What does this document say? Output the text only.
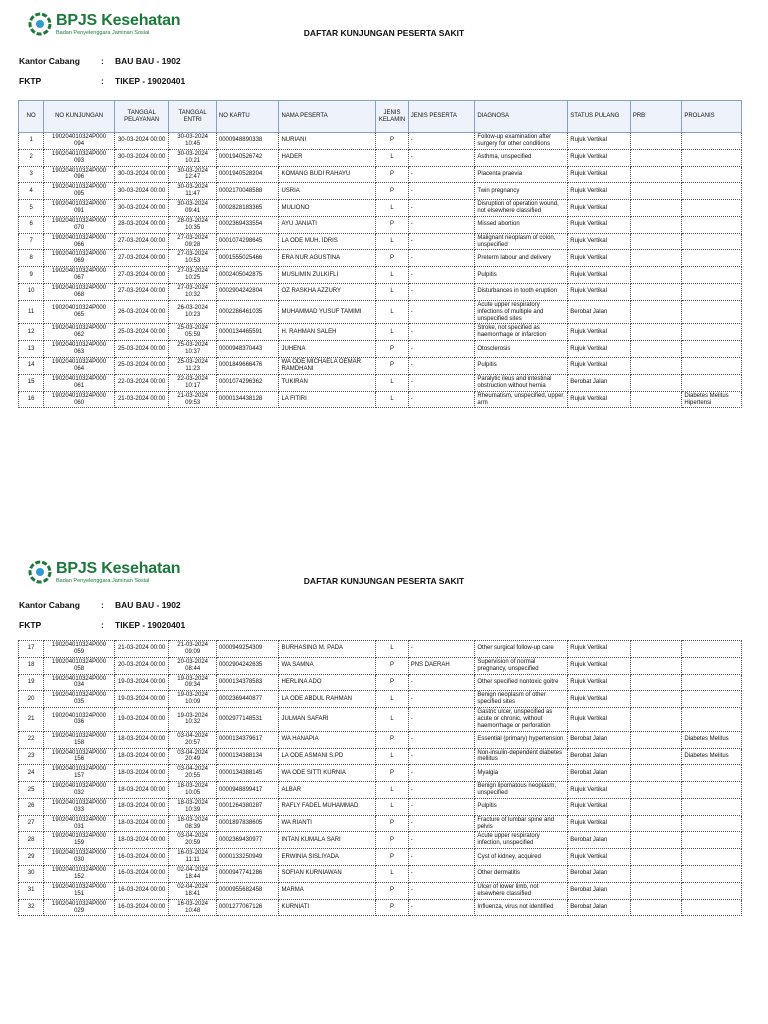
BPJS Kesehatan
Badan Penyelenggara Jaminan Sosial	DAFTAR KUNJUNGAN PESERTA SAKIT
Kantor Cabang : BAU BAU - 1902
FKTP	: TIKEP - 19020401
NO	NO KUNJUNGAN	TANGGAL PELAYANAN	TANGGAL ENTRI	NO KARTU	NAMA PESERTA	JENIS KELAMIN	JENIS PESERTA	DIAGNOSA	STATUS PULANG	PRB	PROLANIS
1	190204010324P000 094	30-03-2024 00:00	30-03-2024 10:45	0000948890338	NURIANI	P	-	Follow-up examination after surgery for other conditions	Rujuk Vertikal		
2	190204010324P000 093	30-03-2024 00:00	30-03-2024 10:21	0001940526742	HADER	L	-	Asthma, unspecified	Rujuk Vertikal		
3	190204010324P000 096	30-03-2024 00:00	30-03-2024 12:47	0001940528204	KOMANG BUDI RAHAYU	P	-	Placenta praevia	Rujuk Vertikal		
4	190204010324P000 095	30-03-2024 00:00	30-03-2024 11:47	0002170048588	USRIA	P	-	Twin pregnancy	Rujuk Vertikal		
5	190204010324P000 091	30-03-2024 00:00	30-03-2024 09:41	0002828183365	MULIONO	L	-	Disruption of operation wound, not elsewhere classified	Rujuk Vertikal		
6	190204010324P000 070	28-03-2024 00:00	28-03-2024 10:35	0002369433554	AYU JANIATI	P	-	Missed abortion	Rujuk Vertikal		
7	190204010324P000 066	27-03-2024 00:00	27-03-2024 09:28	0001074298645	LA ODE MUH. IDRIS	L	-	Malignant neoplasm of colon, unspecified	Rujuk Vertikal		
8	190204010324P000 069	27-03-2024 00:00	27-03-2024 10:53	0001555025466	ERA NUR AGUSTINA	P	-	Preterm labour and delivery	Rujuk Vertikal		
9	190204010324P000 067	27-03-2024 00:00	27-03-2024 10:25	0002405042875	MUSLIMIN ZULKIFLI	L	-	Pulpitis	Rujuk Vertikal		
10	190204010324P000 068	27-03-2024 00:00	27-03-2024 10:32	0002904242804	OZ RASKHA AZZURY	L	-	Disturbances in tooth eruption	Rujuk Vertikal		
11	190204010324P000 065	26-03-2024 00:00	26-03-2024 10:23	0002286461035	MUHAMMAD YUSUF TAMIMI	L	-	Acute upper respiratory infections of multiple and unspecified sites	Berobat Jalan		
12	190204010324P000 062	25-03-2024 00:00	25-03-2024 05:59	0000134465591	H. RAHMAN SALEH	L	-	Stroke, not specified as haemorrhage or infarction	Rujuk Vertikal		
13	190204010324P000 063	25-03-2024 00:00	25-03-2024 10:37	0000948370443	JUHENA	P	-	Otosclerosis	Rujuk Vertikal		
14	190204010324P000 064	25-03-2024 00:00	25-03-2024 11:23	0001849666476	WA ODE MICHAELA OEMAR RAMDHANI	P	-	Pulpitis	Rujuk Vertikal		
15	190204010324P000 061	22-03-2024 00:00	22-03-2024 10:17	0001074296362	TUKIRAN	L	-	Paralytic ileus and intestinal obstruction without hernia	Berobat Jalan		
16	190204010324P000 060	21-03-2024 00:00	21-03-2024 09:53	0000134438128	LA FITIRI	L	-	Rheumatism, unspecified, upper arm	Rujuk Vertikal		Diabetes Melitus Hipertensi
BPJS Kesehatan
Badan Penyelenggara Jaminan Sosial	DAFTAR KUNJUNGAN PESERTA SAKIT
Kantor Cabang : BAU BAU - 1902
FKTP	: TIKEP - 19020401
17	190204010324P000 059	21-03-2024 00:00	21-03-2024 09:09	0000949254309	BURHASING M. PADA	L	-	Other surgical follow-up care	Rujuk Vertikal		
18	190204010324P000 058	20-03-2024 00:00	20-03-2024 08:44	0002904242635	WA SAMNA	P	PNS DAERAH	Supervision of normal pregnancy, unspecified	Rujuk Vertikal		
19	190204010324P000 034	19-03-2024 00:00	19-03-2024 09:34	0000134378583	HERLINA ADO	P	-	Other specified nontoxic goitre	Rujuk Vertikal		
20	190204010324P000 035	19-03-2024 00:00	19-03-2024 10:09	0002369440877	LA ODE ABDUL RAHMAN	L	-	Benign neoplasm of other specified sites	Rujuk Vertikal		
21	190204010324P000 036	19-03-2024 00:00	19-03-2024 10:32	0002977148531	JULMAN SAFARI	L	-	Gastric ulcer, unspecified as acute or chronic, without haemorrhage or perforation	Rujuk Vertikal		
22	190204010324P000 158	18-03-2024 00:00	03-04-2024 20:57	0000134379617	WA HANAPIA	P	-	Essential (primary) hypertension	Berobat Jalan		Diabetes Melitus
23	190204010324P000 156	18-03-2024 00:00	03-04-2024 20:49	0000134388134	LA ODE ASMANI S.PD	L	-	Non-insulin-dependent diabetes mellitus	Berobat Jalan		Diabetes Melitus
24	190204010324P000 157	18-03-2024 00:00	03-04-2024 20:55	0000134388145	WA ODE SITTI KURNIA	P	-	Myalgia	Berobat Jalan		
25	190204010324P000 032	18-03-2024 00:00	18-03-2024 10:05	0000948899417	ALBAR	L	-	Benign lipomatous neoplasm, unspecified	Rujuk Vertikal		
26	190204010324P000 033	18-03-2024 00:00	18-03-2024 10:39	0001264380287	RAFLY FADEL MUHAMMAD	L	-	Pulpitis	Rujuk Vertikal		
27	190204010324P000 031	18-03-2024 00:00	18-03-2024 08:39	0001897838605	WA RIANTI	P	-	Fracture of lumbar spine and pelvis	Rujuk Vertikal		
28	190204010324P000 159	18-03-2024 00:00	03-04-2024 20:59	0002369430977	INTAN KUMALA SARI	P	-	Acute upper respiratory infection, unspecified	Berobat Jalan		
29	190204010324P000 030	16-03-2024 00:00	16-03-2024 11:11	0000133250949	ERWINIA SISLIYADA	P	-	Cyst of kidney, acquired	Rujuk Vertikal		
30	190204010324P000 152	16-03-2024 00:00	02-04-2024 18:44	0000947741286	SOFIAN KURNIAWAN	L	-	Other dermatitis	Berobat Jalan		
31	190204010324P000 151	16-03-2024 00:00	02-04-2024 18:41	0000955682458	MARMA	P	-	Ulcer of lower limb, not elsewhere classified	Berobat Jalan		
32	190204010324P000 029	16-03-2024 00:00	16-03-2024 10:48	0001277067126	KURNIATI	P	-	Influenza, virus not identified	Berobat Jalan		
